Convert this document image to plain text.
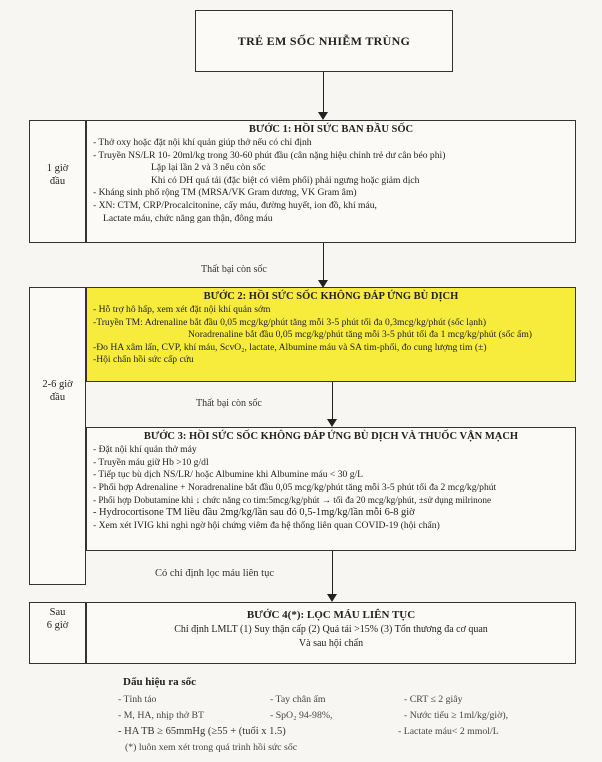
TRẺ EM SỐC NHIỄM TRÙNG
BƯỚC 1: HỒI SỨC BAN ĐẦU SỐC
- Thở oxy hoặc đặt nội khí quản giúp thở nếu có chỉ định
- Truyền NS/LR 10- 20ml/kg trong 30-60 phút đầu (cân nặng hiệu chỉnh trẻ dư cân béo phì)
Lặp lại lần 2 và 3 nếu còn sốc
Khi có DH quá tải (đặc biệt có viêm phổi) phải ngưng hoặc giảm dịch
- Kháng sinh phổ rộng TM (MRSA/VK Gram dương, VK Gram âm)
- XN: CTM, CRP/Procalcitonine, cấy máu, đường huyết, ion đồ, khí máu,
Lactate máu, chức năng gan thận, đông máu
1 giờ
đầu
Thất bại còn sốc
2-6 giờ
đầu
BƯỚC 2: HỒI SỨC SỐC KHÔNG ĐÁP ỨNG BÙ DỊCH
- Hỗ trợ hô hấp, xem xét đặt nội khí quản sớm
-Truyền TM: Adrenaline bắt đầu 0,05 mcg/kg/phút tăng mỗi 3-5 phút tối đa 0,3mcg/kg/phút (sốc lạnh)
Noradrenaline bắt đầu 0,05 mcg/kg/phút tăng mỗi 3-5 phút tối đa 1 mcg/kg/phút (sốc ấm)
-Đo HA xâm lấn, CVP, khí máu, ScvO₂, lactate, Albumine máu và SA tim-phổi, đo cung lượng tim (±)
-Hội chẩn hồi sức cấp cứu
Thất bại còn sốc
BƯỚC 3: HỒI SỨC SỐC KHÔNG ĐÁP ỨNG BÙ DỊCH VÀ THUỐC VẬN MẠCH
- Đặt nội khí quản thở máy
- Truyền máu giữ Hb >10 g/dl
- Tiếp tục bù dịch NS/LR/ hoặc Albumine khi Albumine máu < 30 g/L
- Phối hợp Adrenaline + Noradrenaline bắt đầu 0,05 mcg/kg/phút tăng mỗi 3-5 phút tối đa 2 mcg/kg/phút
- Phối hợp Dobutamine khi ↓ chức năng co tim:5mcg/kg/phút → tối đa 20 mcg/kg/phút, ±sử dụng milrinone
- Hydrocortisone TM liều đầu 2mg/kg/lần sau đó 0,5-1mg/kg/lần mỗi 6-8 giờ
- Xem xét IVIG khi nghi ngờ hội chứng viêm đa hệ thống liên quan COVID-19 (hội chẩn)
Có chỉ định lọc máu liên tục
Sau
6 giờ
BƯỚC 4(*): LỌC MÁU LIÊN TỤC
Chỉ định LMLT (1) Suy thận cấp (2) Quá tải >15% (3) Tổn thương đa cơ quan
Và sau hội chẩn
Dấu hiệu ra sốc
- Tỉnh táo
- M, HA, nhịp thở BT
- HA TB ≥ 65mmHg (≥55 + (tuổi x 1.5)
- Tay chân ấm
- SpO₂ 94-98%,
- CRT ≤ 2 giây
- Nước tiểu ≥ 1ml/kg/giờ),
- Lactate máu< 2 mmol/L
(*) luôn xem xét trong quá trình hồi sức sốc
